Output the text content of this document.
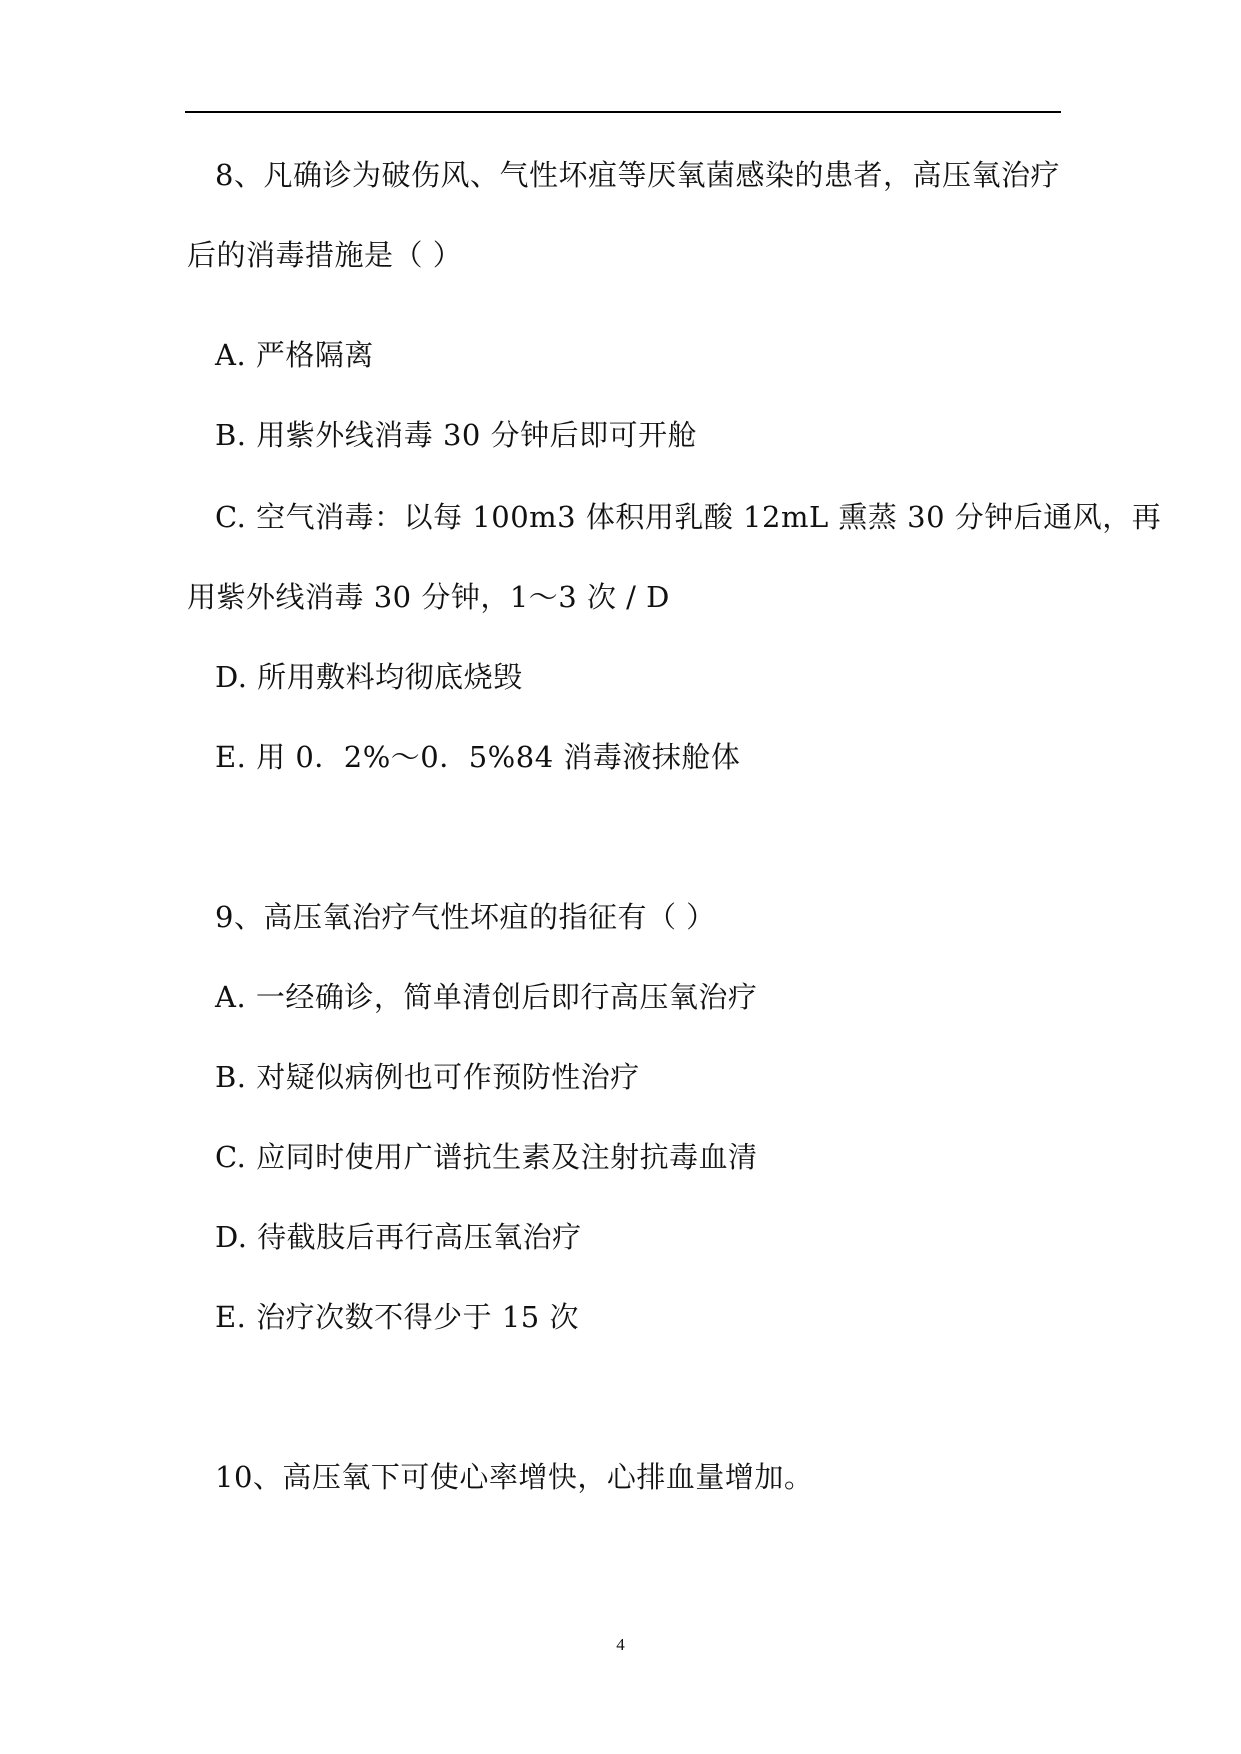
8、凡确诊为破伤风、气性坏疽等厌氧菌感染的患者，高压氧治疗
后的消毒措施是（ ）
A. 严格隔离
B. 用紫外线消毒 30 分钟后即可开舱
C. 空气消毒：以每 100m3 体积用乳酸 12mL 熏蒸 30 分钟后通风，再
用紫外线消毒 30 分钟，1～3 次 / D
D. 所用敷料均彻底烧毁
E. 用 0．2%～0．5%84 消毒液抹舱体
9、高压氧治疗气性坏疽的指征有（ ）
A. 一经确诊，简单清创后即行高压氧治疗
B. 对疑似病例也可作预防性治疗
C. 应同时使用广谱抗生素及注射抗毒血清
D. 待截肢后再行高压氧治疗
E. 治疗次数不得少于 15 次
10、高压氧下可使心率增快，心排血量增加。
4
